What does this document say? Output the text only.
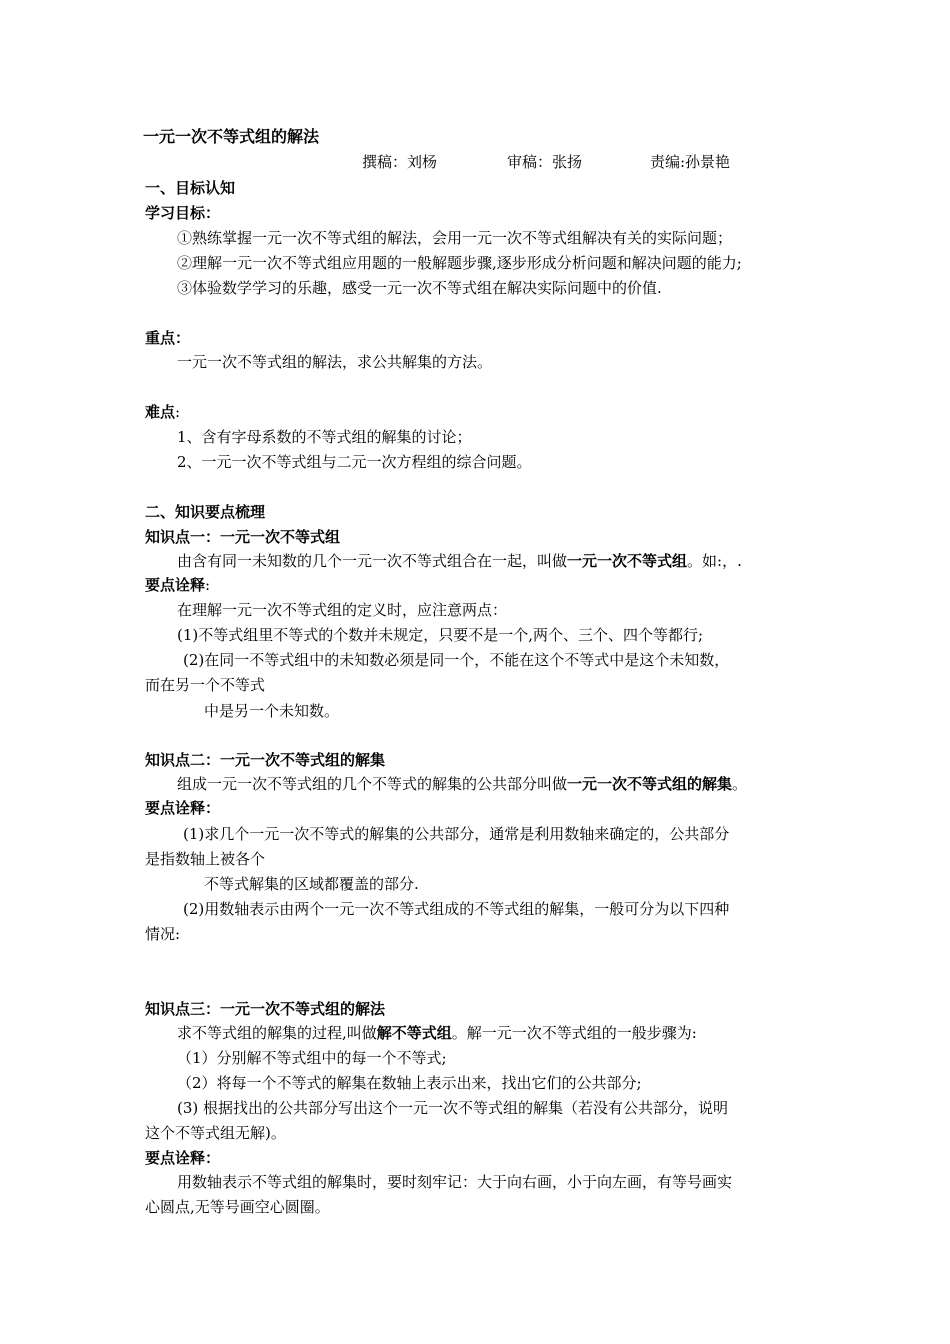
一元一次不等式组的解法
撰稿：刘杨	审稿：张扬	责编:孙景艳
一、目标认知
学习目标：
①熟练掌握一元一次不等式组的解法，会用一元一次不等式组解决有关的实际问题；
②理解一元一次不等式组应用题的一般解题步骤,逐步形成分析问题和解决问题的能力;
③体验数学学习的乐趣，感受一元一次不等式组在解决实际问题中的价值.
重点：
一元一次不等式组的解法，求公共解集的方法。
难点:
1、含有字母系数的不等式组的解集的讨论；
2、一元一次不等式组与二元一次方程组的综合问题。
二、知识要点梳理
知识点一：一元一次不等式组
由含有同一未知数的几个一元一次不等式组合在一起，叫做一元一次不等式组。如:，.
要点诠释:
在理解一元一次不等式组的定义时，应注意两点：
(1)不等式组里不等式的个数并未规定，只要不是一个,两个、三个、四个等都行;
(2)在同一不等式组中的未知数必须是同一个，不能在这个不等式中是这个未知数，
而在另一个不等式
中是另一个未知数。
知识点二：一元一次不等式组的解集
组成一元一次不等式组的几个不等式的解集的公共部分叫做一元一次不等式组的解集。
要点诠释：
(1)求几个一元一次不等式的解集的公共部分，通常是利用数轴来确定的，公共部分
是指数轴上被各个
不等式解集的区域都覆盖的部分.
(2)用数轴表示由两个一元一次不等式组成的不等式组的解集，一般可分为以下四种
情况:
知识点三：一元一次不等式组的解法
求不等式组的解集的过程,叫做解不等式组。解一元一次不等式组的一般步骤为:
（1）分别解不等式组中的每一个不等式;
（2）将每一个不等式的解集在数轴上表示出来，找出它们的公共部分;
(3) 根据找出的公共部分写出这个一元一次不等式组的解集（若没有公共部分，说明
这个不等式组无解)。
要点诠释：
用数轴表示不等式组的解集时，要时刻牢记：大于向右画，小于向左画，有等号画实
心圆点,无等号画空心圆圈。
